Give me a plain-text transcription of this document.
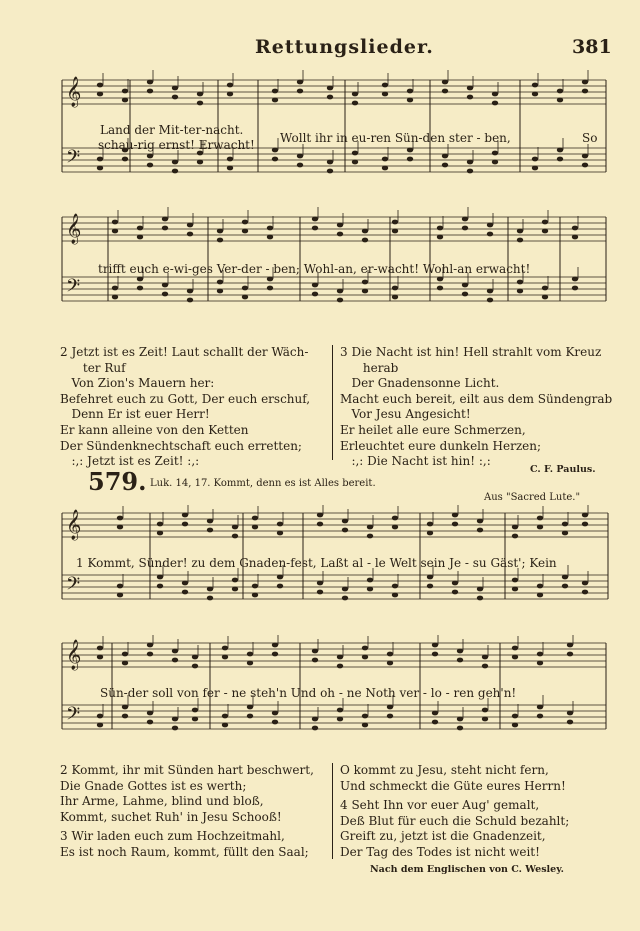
Rettungslieder.	381
𝄞
𝄢
Land der Mit-ter-nacht.
schau-rig ernst! Erwacht! Wollt ihr in eu-ren Sün-den ster - ben,	So
𝄞
𝄢
trifft euch e-wi-ges Ver-der - ben; Wohl-an, er-wacht! Wohl-an erwacht!
2 Jetzt ist es Zeit! Laut schallt der Wäch-
ter Ruf
Von Zion's Mauern her:
Befehret euch zu Gott, Der euch erschuf,
Denn Er ist euer Herr!
Er kann alleine von den Ketten
Der Sündenknechtschaft euch erretten;
:,: Jetzt ist es Zeit! :,:
3 Die Nacht ist hin! Hell strahlt vom Kreuz
herab
Der Gnadensonne Licht.
Macht euch bereit, eilt aus dem Sündengrab
Vor Jesu Angesicht!
Er heilet alle eure Schmerzen,
Erleuchtet eure dunkeln Herzen;
:,: Die Nacht ist hin! :,:
C. F. Paulus.
579. Luk. 14, 17. Kommt, denn es ist Alles bereit.
Aus "Sacred Lute."
𝄞
𝄢
1 Kommt, Sünder! zu dem Gnaden-fest, Laßt al - le Welt sein Je - su Gäst'; Kein
𝄞
𝄢
Sün-der soll von fer - ne steh'n Und oh - ne Noth ver - lo - ren geh'n!
2 Kommt, ihr mit Sünden hart beschwert,
Die Gnade Gottes ist es werth;
Ihr Arme, Lahme, blind und bloß,
Kommt, suchet Ruh' in Jesu Schooß!
3 Wir laden euch zum Hochzeitmahl,
Es ist noch Raum, kommt, füllt den Saal;
O kommt zu Jesu, steht nicht fern,
Und schmeckt die Güte eures Herrn!
4 Seht Ihn vor euer Aug' gemalt,
Deß Blut für euch die Schuld bezahlt;
Greift zu, jetzt ist die Gnadenzeit,
Der Tag des Todes ist nicht weit!
Nach dem Englischen von C. Wesley.
